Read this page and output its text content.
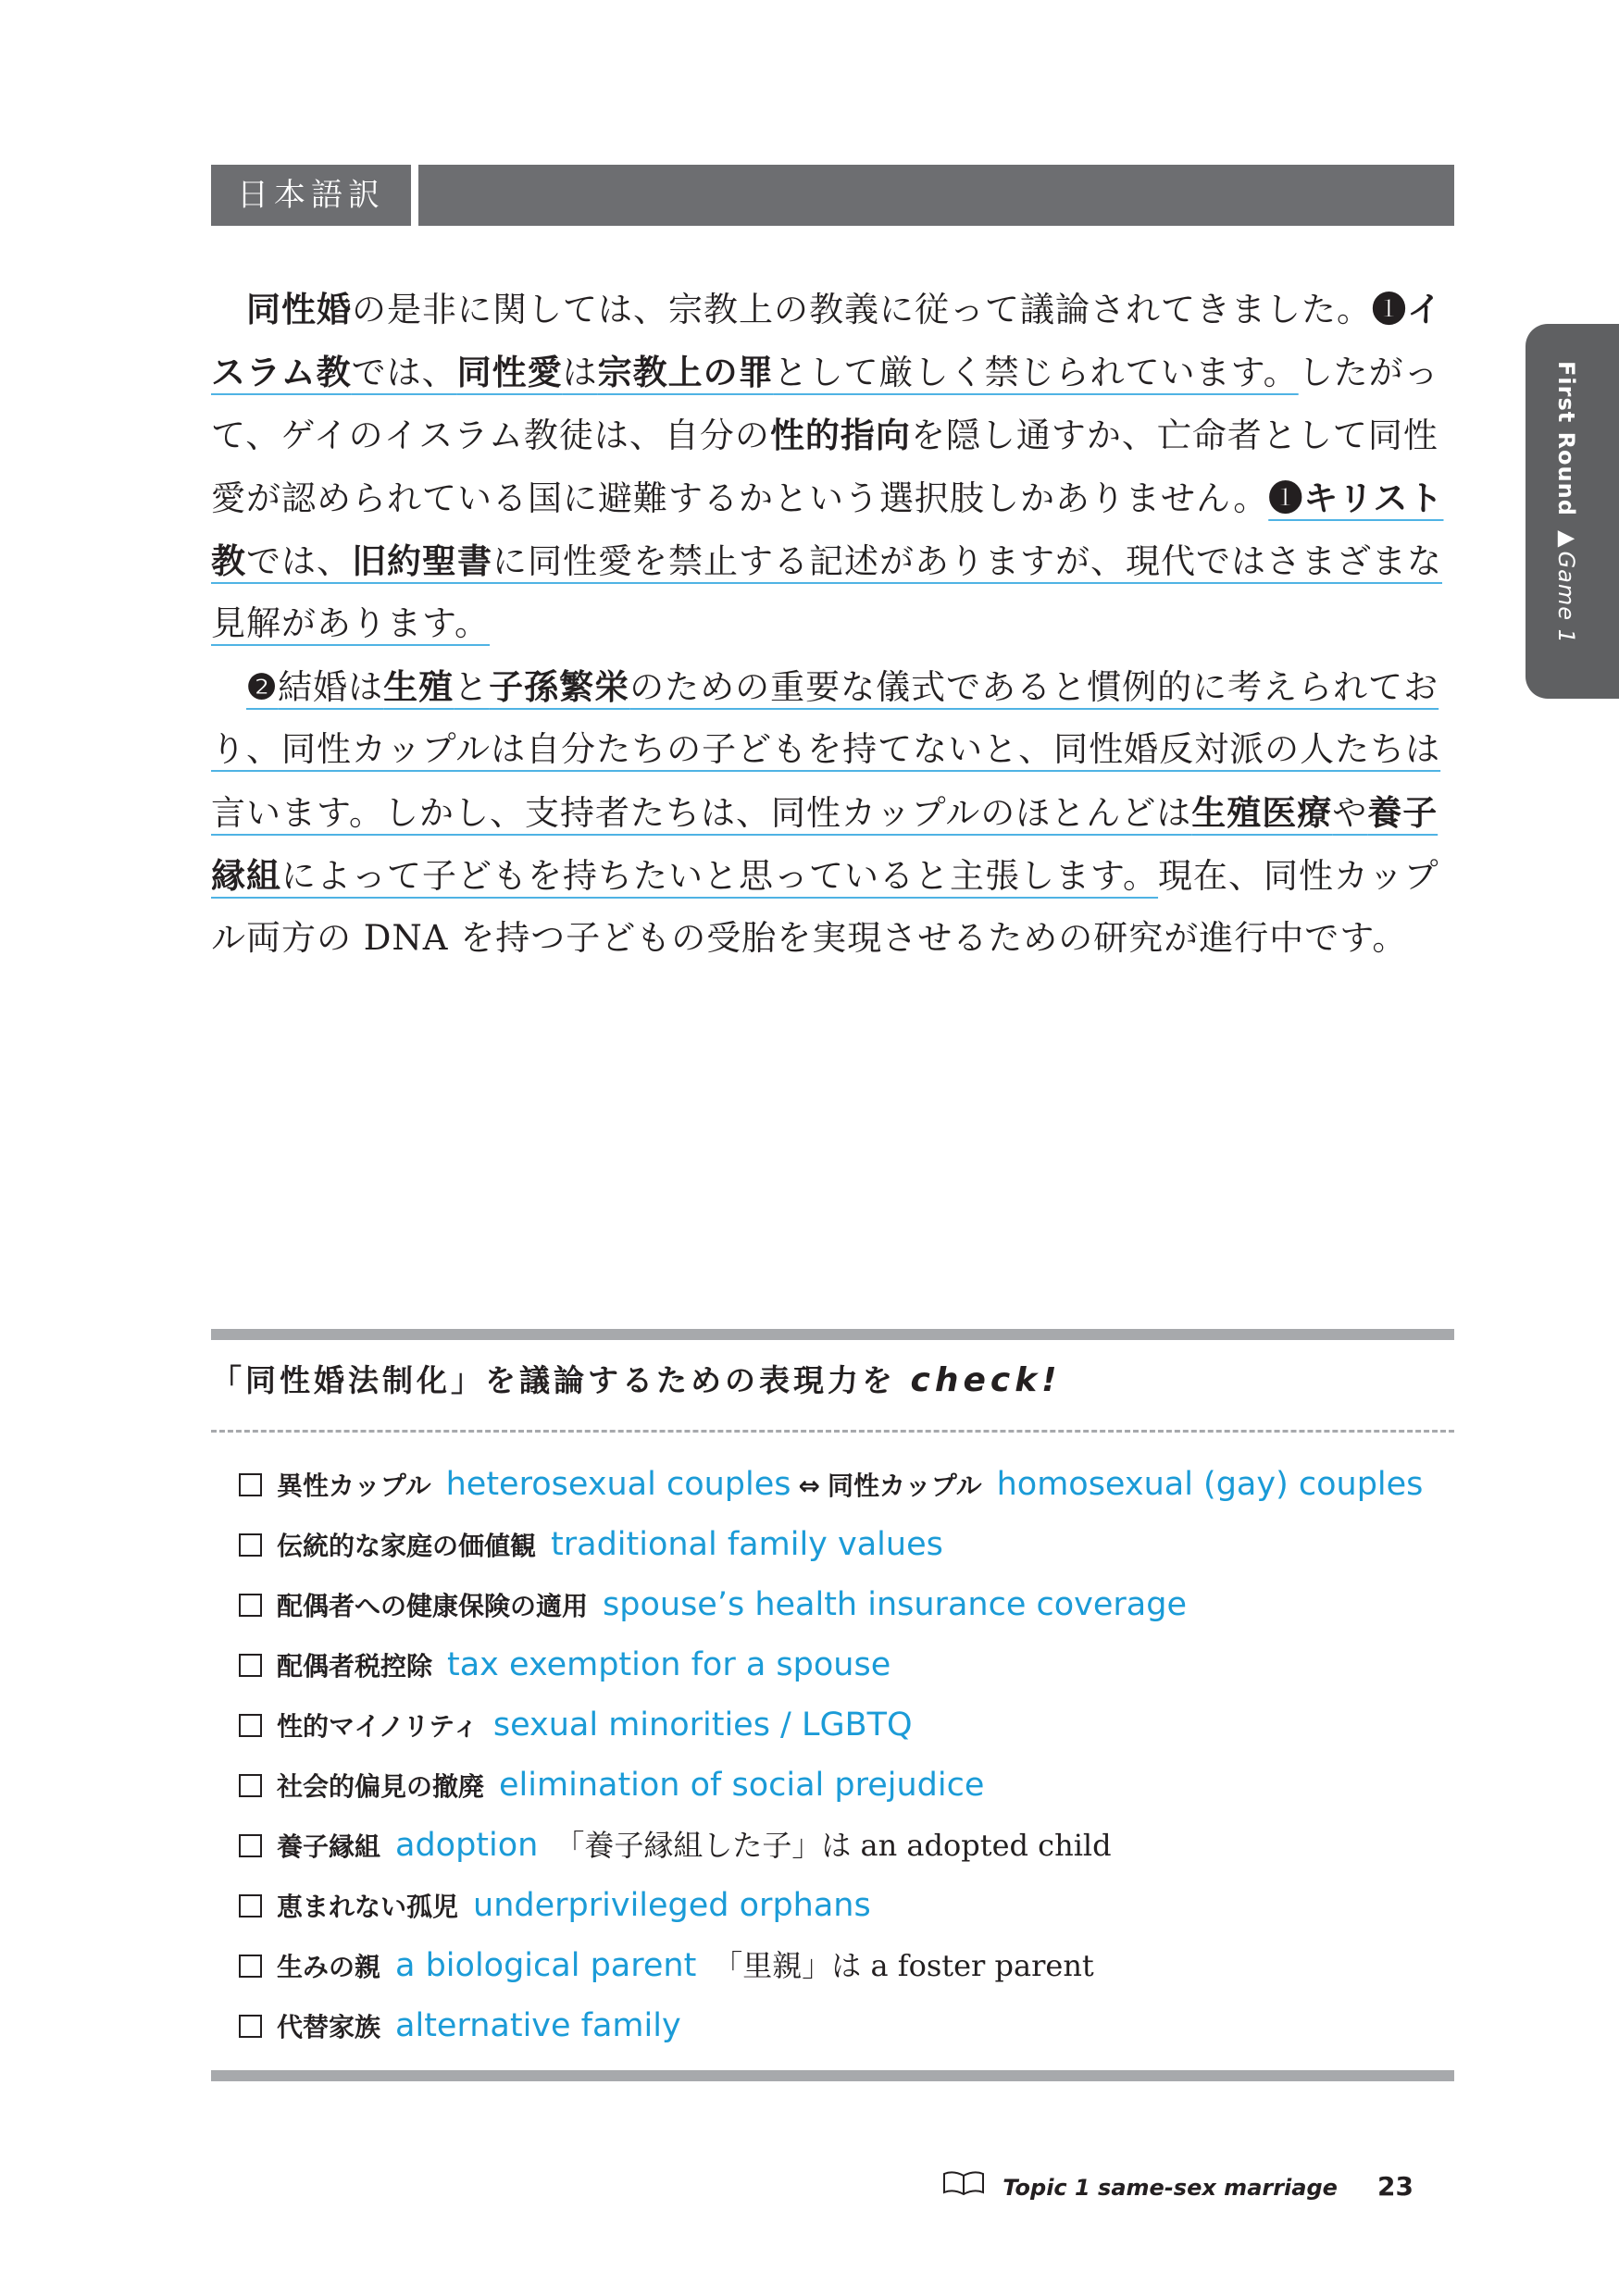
日本語訳
First Round ▶Game 1
　同性婚の是非に関しては、宗教上の教義に従って議論されてきました。❶イ
スラム教では、同性愛は宗教上の罪として厳しく禁じられています。したがっ
て、ゲイのイスラム教徒は、自分の性的指向を隠し通すか、亡命者として同性
愛が認められている国に避難するかという選択肢しかありません。❶キリスト
教では、旧約聖書に同性愛を禁止する記述がありますが、現代ではさまざまな
見解があります。
　❷結婚は生殖と子孫繁栄のための重要な儀式であると慣例的に考えられてお
り、同性カップルは自分たちの子どもを持てないと、同性婚反対派の人たちは
言います。しかし、支持者たちは、同性カップルのほとんどは生殖医療や養子
縁組によって子どもを持ちたいと思っていると主張します。現在、同性カップ
ル両方の DNA を持つ子どもの受胎を実現させるための研究が進行中です。
「同性婚法制化」を議論するための表現力を check!
異性カップル heterosexual couples ⇔ 同性カップル homosexual (gay) couples
伝統的な家庭の価値観 traditional family values
配偶者への健康保険の適用 spouse’s health insurance coverage
配偶者税控除 tax exemption for a spouse
性的マイノリティ sexual minorities / LGBTQ
社会的偏見の撤廃 elimination of social prejudice
養子縁組 adoption 「養子縁組した子」は an adopted child
恵まれない孤児 underprivileged orphans
生みの親 a biological parent 「里親」は a foster parent
代替家族 alternative family
Topic 1 same-sex marriage 23
